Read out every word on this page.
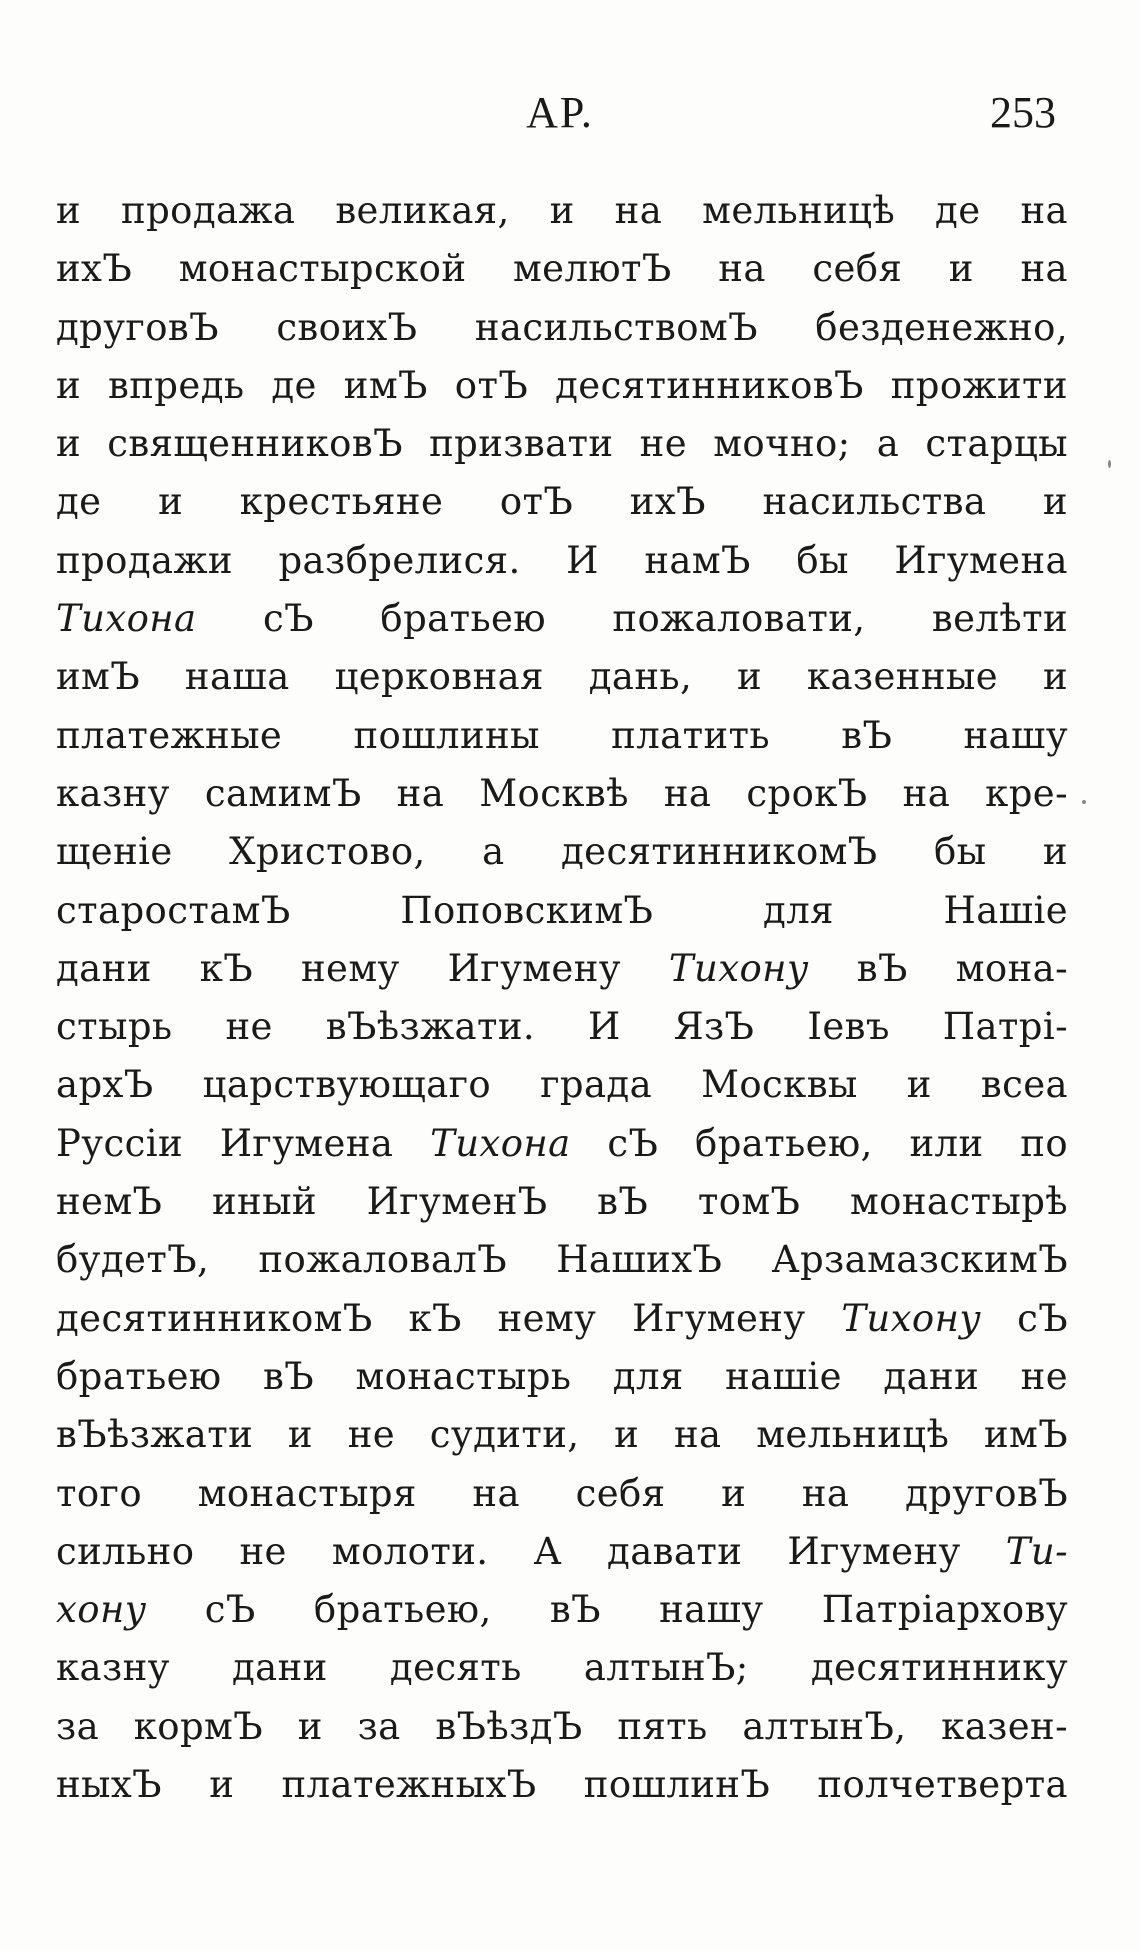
АР.	253
и продажа великая, и на мельницѣ де на
ихЪ монастырской мелютЪ на себя и на
друговЪ своихЪ насильствомЪ безденежно,
и впредь де имЪ отЪ десятинниковЪ прожити
и священниковЪ призвати не мочно; а старцы
де и крестьяне отЪ ихЪ насильства и
продажи разбрелися. И намЪ бы Игумена
Тихона сЪ братьею пожаловати, велѣти
имЪ наша церковная дань, и казенные и
платежные пошлины платить вЪ нашу
казну самимЪ на Москвѣ на срокЪ на кре-
щенiе Христово, а десятинникомЪ бы и
старостамЪ ПоповскимЪ для Нашiе
дани кЪ нему Игумену Тихону вЪ мона-
стырь не вЪѣзжати. И ЯзЪ Iевъ Патрi-
архЪ царствующаго града Москвы и всеа
Руссiи Игумена Тихона сЪ братьею, или по
немЪ иный ИгуменЪ вЪ томЪ монастырѣ
будетЪ, пожаловалЪ НашихЪ АрзамазскимЪ
десятинникомЪ кЪ нему Игумену Тихону сЪ
братьею вЪ монастырь для нашiе дани не
вЪѣзжати и не судити, и на мельницѣ имЪ
того монастыря на себя и на друговЪ
сильно не молоти. А давати Игумену Ти-
хону сЪ братьею, вЪ нашу Патрiархову
казну дани десять алтынЪ; десятиннику
за кормЪ и за вЪѣздЪ пять алтынЪ, казен-
ныхЪ и платежныхЪ пошлинЪ полчетверта
